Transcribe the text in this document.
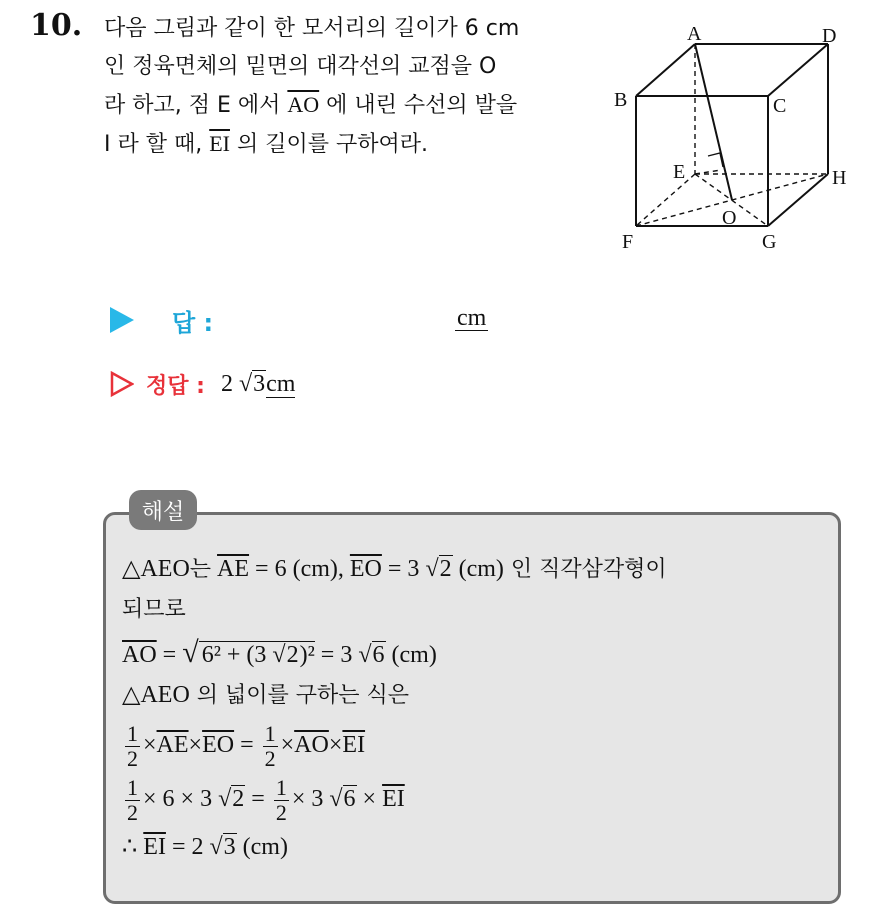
10. 다음 그림과 같이 한 모서리의 길이가 6 cm

인 정육면체의 밑면의 대각선의 교점을 O

라 하고, 점 E 에서 $\overline{AO}$ 에 내린 수선의 발을

I 라 할 때, $\overline{EI}$ 의 길이를 구하여라.

A	D
B	C
E	H
O
F	G
답 :	cm
정답 : 2 √3cm
해설
△AEO는 $\overline{AE} = 6$ (cm), $\overline{EO} = 3$ √2 (cm) 인 직각삼각형이
되므로
$\overline{AO}$ = √ 6² + (3 √2)² = 3 √6 (cm)
△AEO 의 넓이를 구하는 식은
$\frac{1}{2} \times\overline{AE}\times\overline{EO} = \frac{1}{2} \times\overline{AO}\times\overline{EI}$
$\frac{1}{2} \times 6 \times 3$ $√2 = \frac{1}{2} \times 3$ $√6 \times \overline{EI}$
∴ $\overline{EI} = 2$ √3 (cm)
